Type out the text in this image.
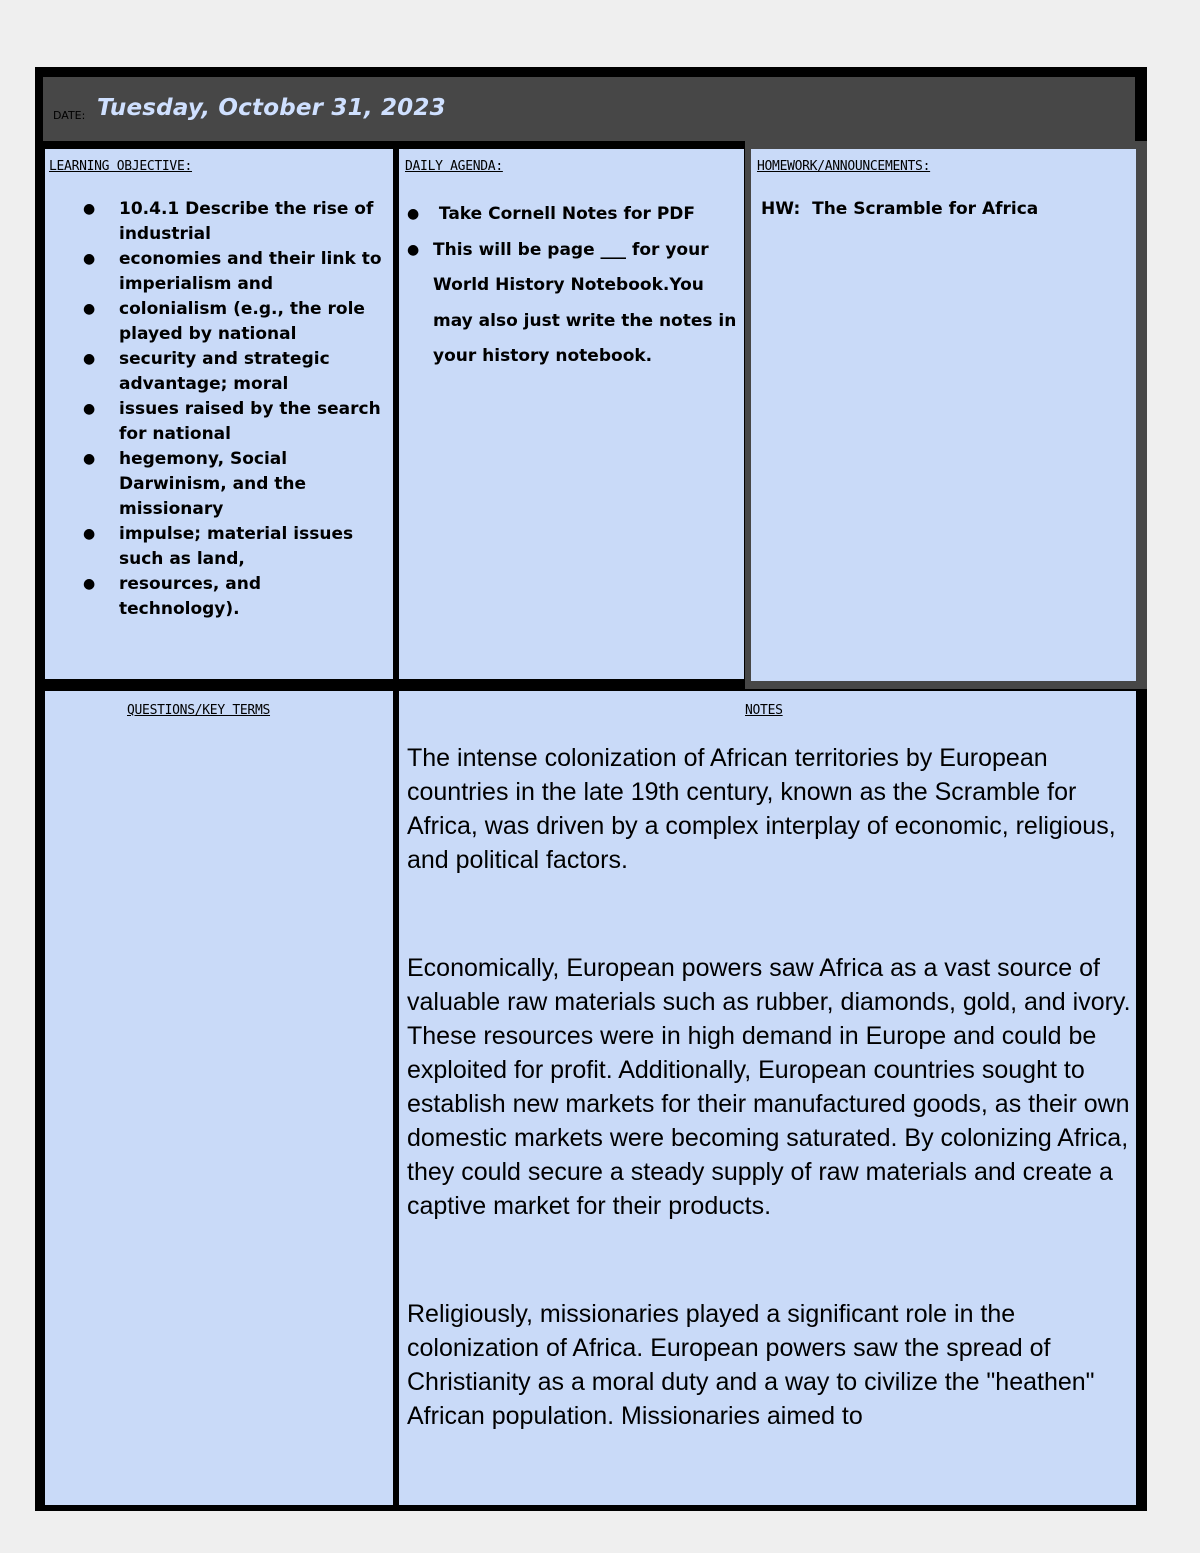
DATE: Tuesday, October 31, 2023
LEARNING OBJECTIVE:
● 10.4.1 Describe the rise of industrial
● economies and their link to imperialism and
● colonialism (e.g., the role played by national
● security and strategic advantage; moral
● issues raised by the search for national
● hegemony, Social Darwinism, and the missionary
● impulse; material issues such as land,
● resources, and technology).
DAILY AGENDA:
● Take Cornell Notes for PDF
● This will be page ___ for your World History Notebook.You may also just write the notes in your history notebook.
HOMEWORK/ANNOUNCEMENTS:
HW:  The Scramble for Africa
QUESTIONS/KEY TERMS	NOTES

The intense colonization of African territories by European countries in the late 19th century, known as the Scramble for Africa, was driven by a complex interplay of economic, religious, and political factors.

Economically, European powers saw Africa as a vast source of valuable raw materials such as rubber, diamonds, gold, and ivory. These resources were in high demand in Europe and could be exploited for profit. Additionally, European countries sought to establish new markets for their manufactured goods, as their own domestic markets were becoming saturated. By colonizing Africa, they could secure a steady supply of raw materials and create a captive market for their products.

Religiously, missionaries played a significant role in the colonization of Africa. European powers saw the spread of Christianity as a moral duty and a way to civilize the "heathen" African population. Missionaries aimed to
